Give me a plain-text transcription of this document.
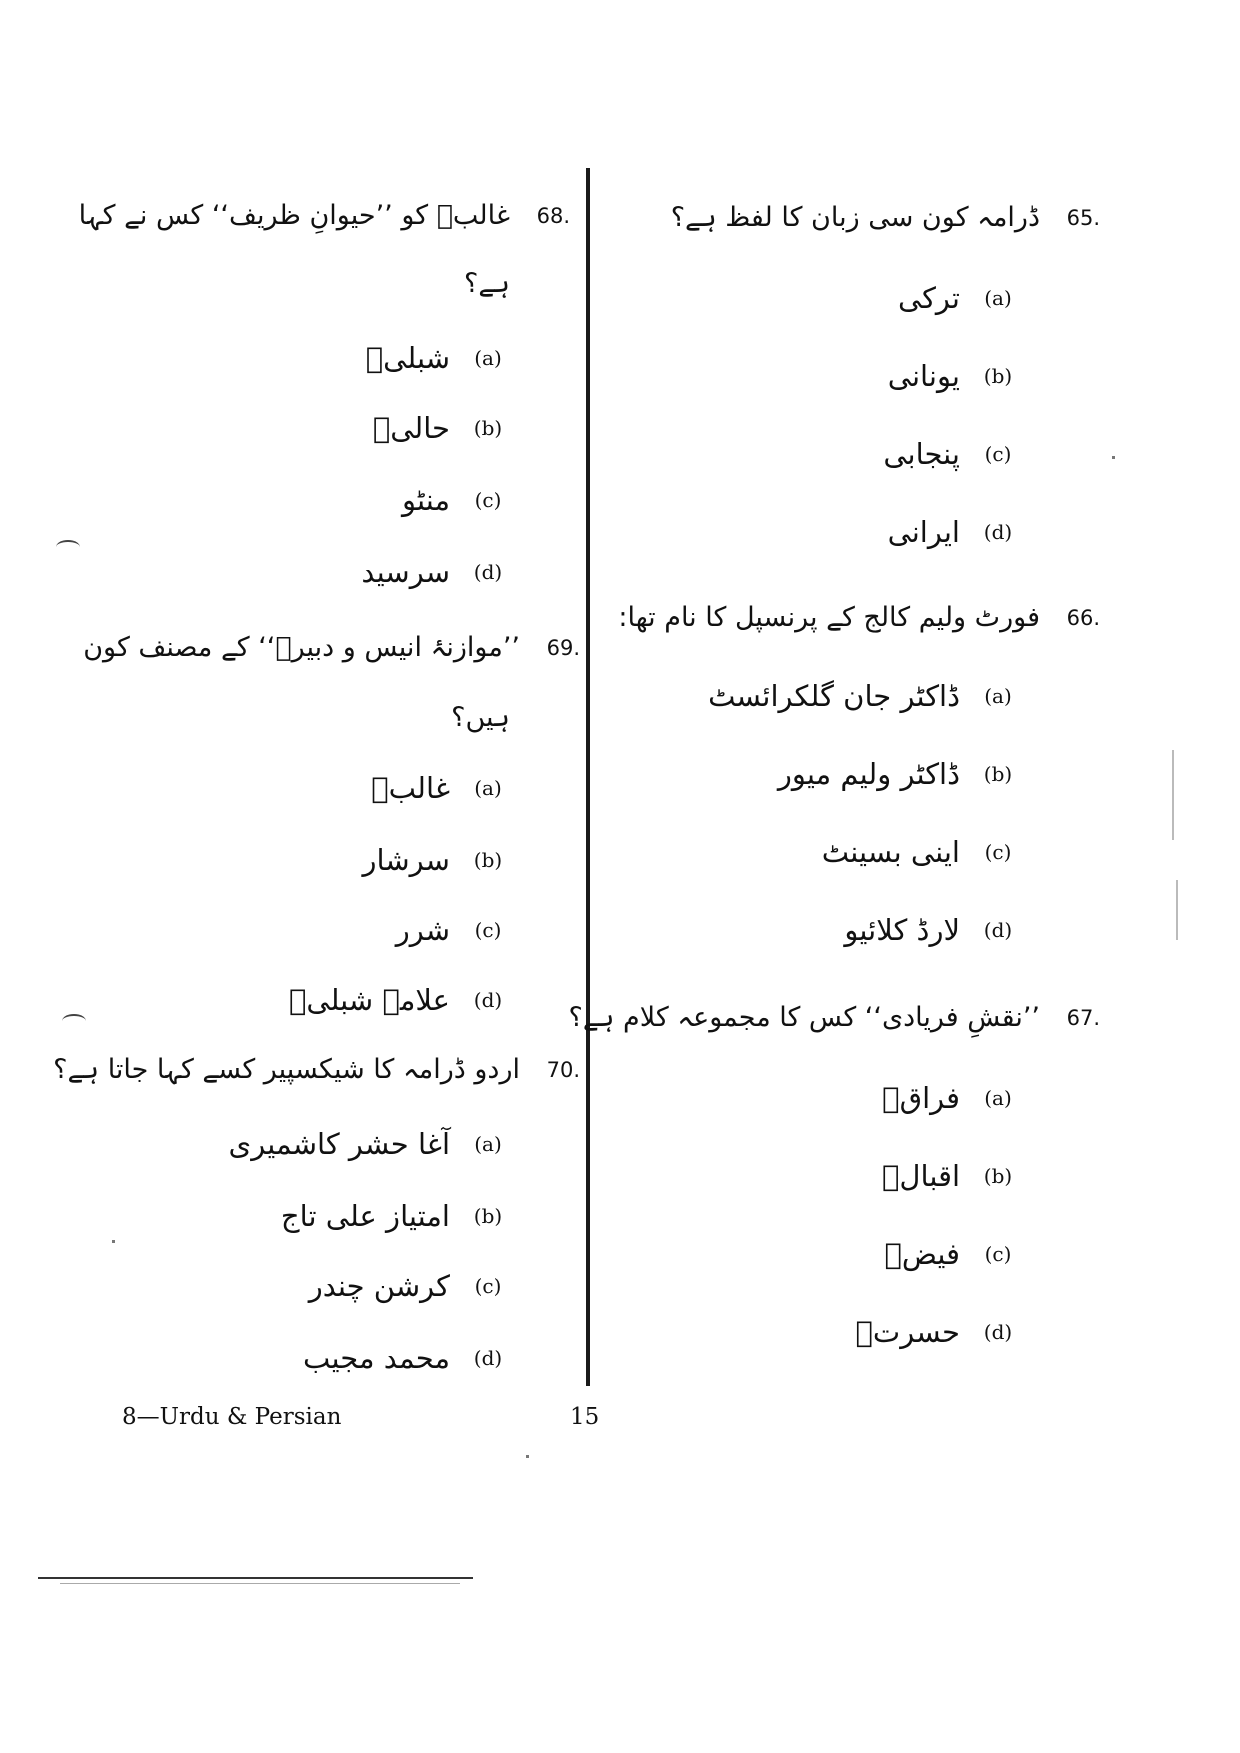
ڈرامہ کون سی زبان کا لفظ ہے؟ 65.
ترکی	(a)
یونانی	(b)
پنجابی	(c)
ایرانی	(d)
فورٹ ولیم کالج کے پرنسپل کا نام تھا: 66.
ڈاکٹر جان گلکرائسٹ	(a)
ڈاکٹر ولیم میور	(b)
اینی بسینٹ	(c)
لارڈ کلائیو	(d)
’’نقشِ فریادی‘‘ کس کا مجموعہ کلام ہے؟ 67.
فراقؔ	(a)
اقبالؔ	(b)
فیضؔ	(c)
حسرتؔ	(d)
غالبؔ کو ’’حیوانِ ظریف‘‘ کس نے کہا 68.
ہے؟
شبلیؔ	(a)
حالیؔ	(b)
منٹو	(c)
سرسید	(d)
’’موازنۂ انیس و دبیرؔ‘‘ کے مصنف کون 69.
ہیں؟
غالبؔ	(a)
سرشار	(b)
شرر	(c)
علامہ شبلیؔ	(d)
اردو ڈرامہ کا شیکسپیر کسے کہا جاتا ہے؟ 70.
آغا حشر کاشمیری	(a)
امتیاز علی تاج	(b)
کرشن چندر	(c)
محمد مجیب	(d)
8—Urdu & Persian	15
